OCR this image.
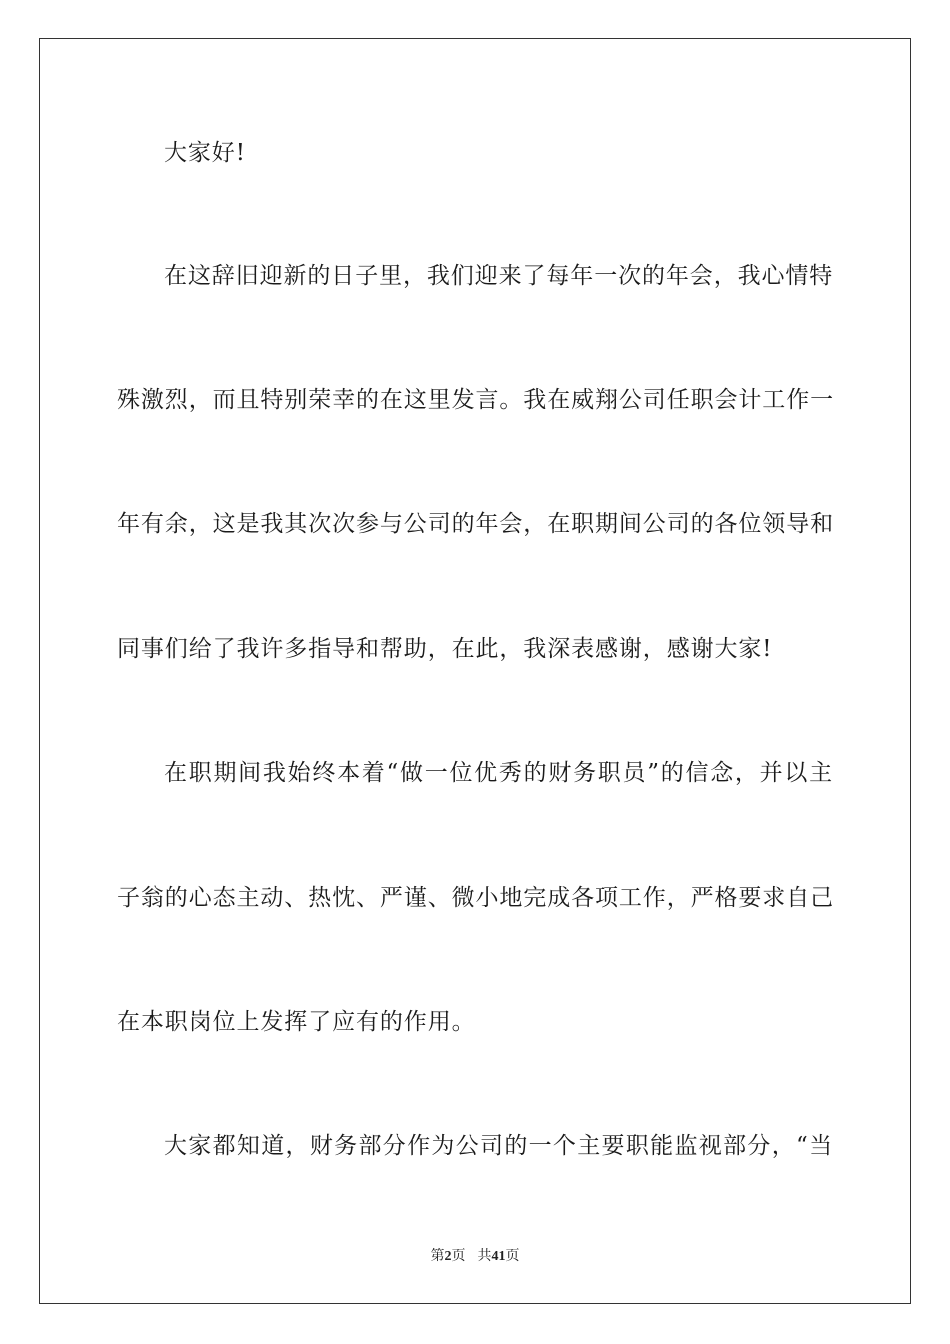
大家好!
在这辞旧迎新的日子里，我们迎来了每年一次的年会，我心情特
殊激烈，而且特别荣幸的在这里发言。我在威翔公司任职会计工作一
年有余，这是我其次次参与公司的年会，在职期间公司的各位领导和
同事们给了我许多指导和帮助，在此，我深表感谢，感谢大家!
在职期间我始终本着“做一位优秀的财务职员”的信念，并以主
子翁的心态主动、热忱、严谨、微小地完成各项工作，严格要求自己
在本职岗位上发挥了应有的作用。
大家都知道，财务部分作为公司的一个主要职能监视部分，“当
第2页 共41页
